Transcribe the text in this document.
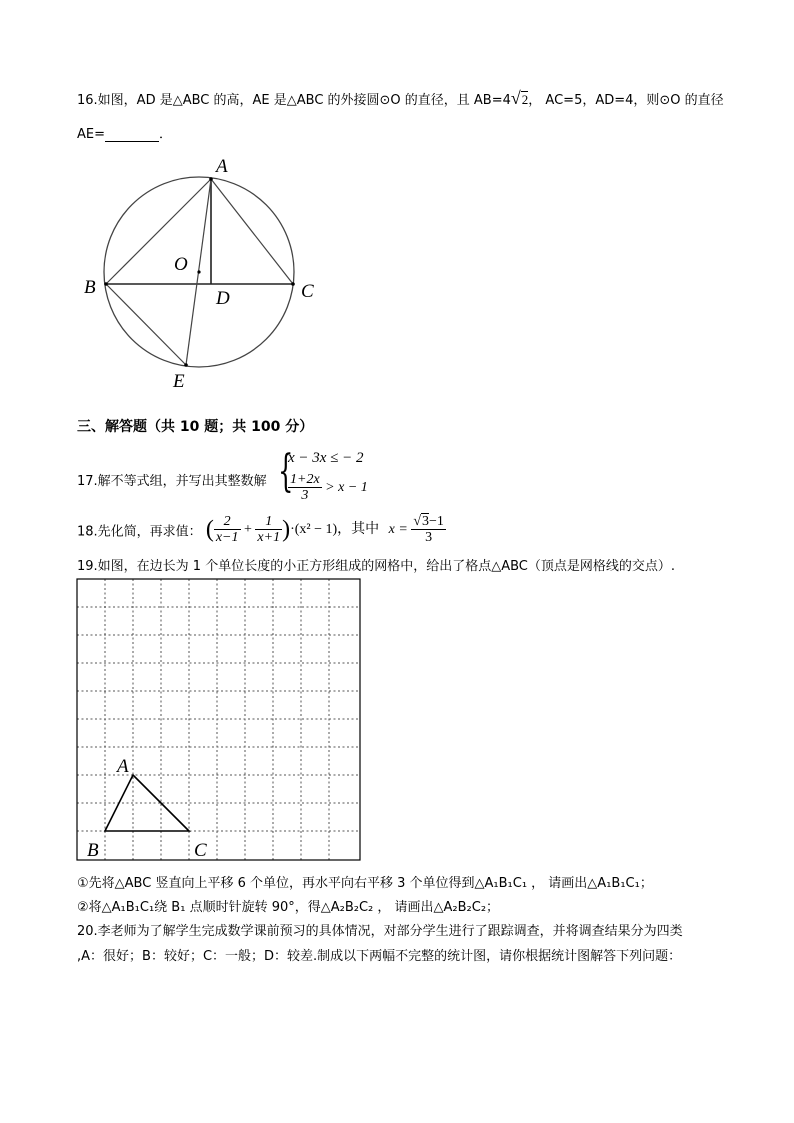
16.如图，AD 是△ABC 的高，AE 是△ABC 的外接圆⊙O 的直径，且 AB=4√2， AC=5，AD=4，则⊙O 的直径
AE=	．
A
B	C
D
E
O
三、解答题（共 10 题；共 100 分）
17.解不等式组，并写出其整数解 {
x − 3x ≤ − 2
$\frac{1+2x}{3} > x - 1$
18.先化简，再求值： ( $\frac{2}{x-1} + \frac{1}{x+1} )\cdot(x^2 - 1)$，其中 $x = \frac{√3-1}{3}$
19.如图，在边长为 1 个单位长度的小正方形组成的网格中，给出了格点△ABC（顶点是网格线的交点）.
A
B	C
①先将△ABC 竖直向上平移 6 个单位，再水平向右平移 3 个单位得到△A₁B₁C₁ ， 请画出△A₁B₁C₁；
②将△A₁B₁C₁绕 B₁ 点顺时针旋转 90°，得△A₂B₂C₂ ， 请画出△A₂B₂C₂；
20.李老师为了解学生完成数学课前预习的具体情况，对部分学生进行了跟踪调查，并将调查结果分为四类
,A：很好；B：较好；C：一般；D：较差.制成以下两幅不完整的统计图，请你根据统计图解答下列问题：
